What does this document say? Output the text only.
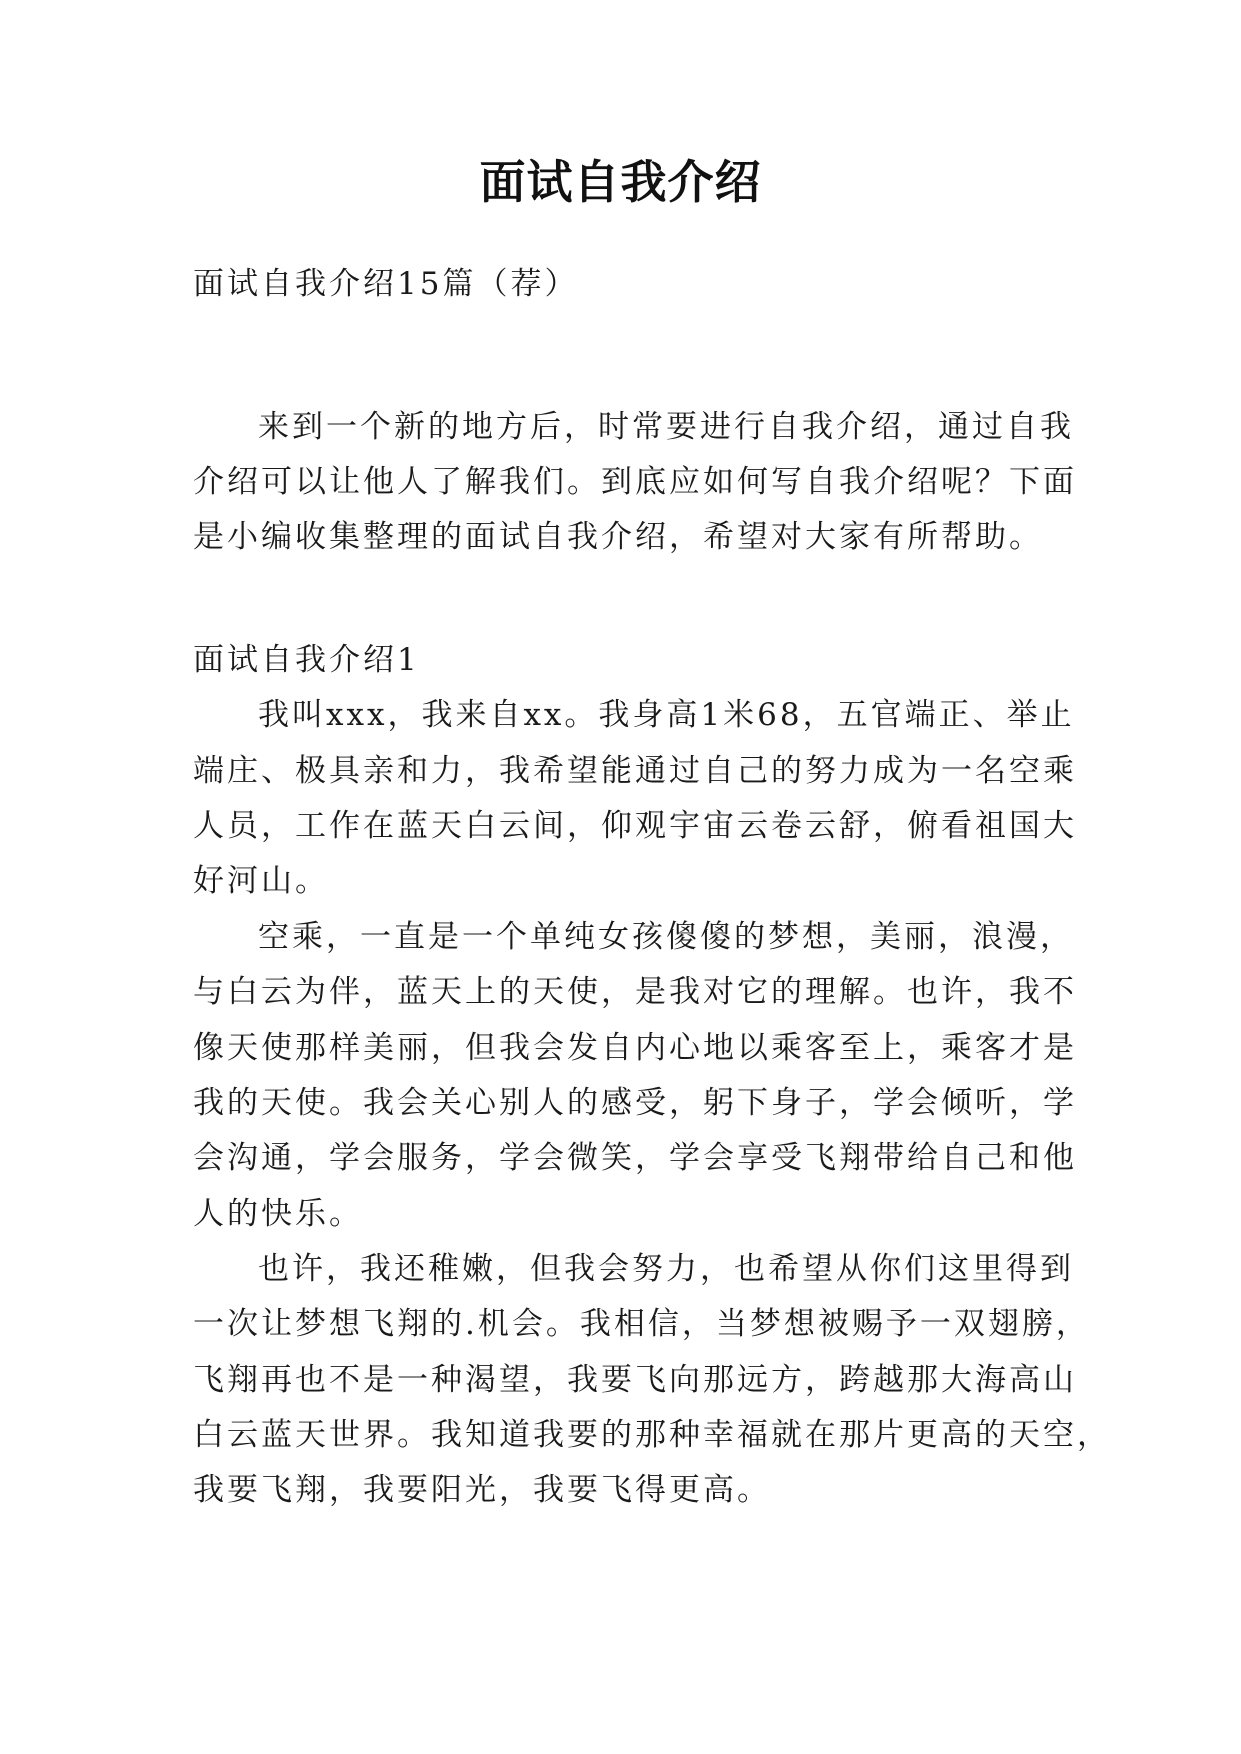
面试自我介绍
面试自我介绍15篇（荐）
来到一个新的地方后，时常要进行自我介绍，通过自我
介绍可以让他人了解我们。到底应如何写自我介绍呢？下面
是小编收集整理的面试自我介绍，希望对大家有所帮助。
面试自我介绍1
我叫xxx，我来自xx。我身高1米68，五官端正、举止
端庄、极具亲和力，我希望能通过自己的努力成为一名空乘
人员，工作在蓝天白云间，仰观宇宙云卷云舒，俯看祖国大
好河山。
空乘，一直是一个单纯女孩傻傻的梦想，美丽，浪漫，
与白云为伴，蓝天上的天使，是我对它的理解。也许，我不
像天使那样美丽，但我会发自内心地以乘客至上，乘客才是
我的天使。我会关心别人的感受，躬下身子，学会倾听，学
会沟通，学会服务，学会微笑，学会享受飞翔带给自己和他
人的快乐。
也许，我还稚嫩，但我会努力，也希望从你们这里得到
一次让梦想飞翔的.机会。我相信，当梦想被赐予一双翅膀，
飞翔再也不是一种渴望，我要飞向那远方，跨越那大海高山
白云蓝天世界。我知道我要的那种幸福就在那片更高的天空，
我要飞翔，我要阳光，我要飞得更高。
